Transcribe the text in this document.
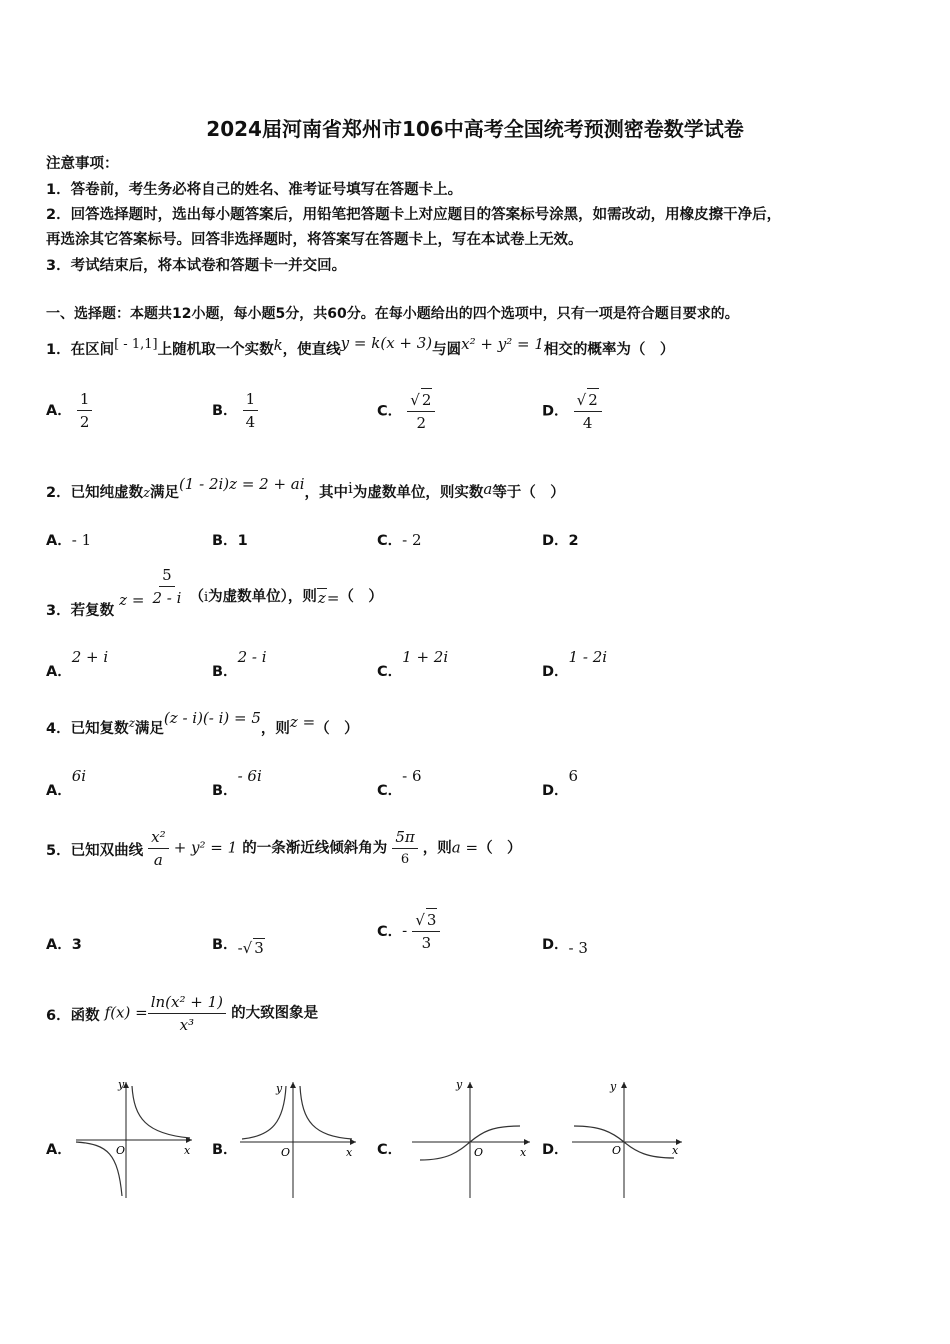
2024届河南省郑州市106中高考全国统考预测密卷数学试卷
注意事项：
1．答卷前，考生务必将自己的姓名、准考证号填写在答题卡上。
2．回答选择题时，选出每小题答案后，用铅笔把答题卡上对应题目的答案标号涂黑，如需改动，用橡皮擦干净后，
再选涂其它答案标号。回答非选择题时，将答案写在答题卡上，写在本试卷上无效。
3．考试结束后，将本试卷和答题卡一并交回。
一、选择题：本题共12小题，每小题5分，共60分。在每小题给出的四个选项中，只有一项是符合题目要求的。
1．在区间[ - 1,1]上随机取一个实数k，使直线y = k(x + 3)与圆x² + y² = 1相交的概率为（　）
A． $\frac{1}{2}$	B． $\frac{1}{4}$	C． $\frac{√ 2}{2}$	D． $\frac{√ 2}{4}$
2．已知纯虚数z满足(1 - 2i)z = 2 + ai，其中i为虚数单位，则实数a等于（　）
A．- 1	B．1	C．- 2	D．2
3．若复数 $z = \frac{5}{2 - i} (i$为虚数单位），则z=（　）
A．2 + i
B．2 - i
C．1 + 2i
D．1 - 2i
4．已知复数$^z$满足(z - i)(- i) = 5，则z =（　）
A．6i
B．- 6i
C．- 6
D．6
5．已知双曲线 $\frac{\text{x²}}{a} + y^2 = 1$ 的一条渐近线倾斜角为 $\frac{5\pi}{6}$ ，则a =（　）
A．3	B．-√ 3
C．- $\frac{√ 3}{3}$	D．- 3
6．函数 $f(x) = \frac{\text{ln(x² + 1)}}{\text{x³}}$ 的大致图象是
A．	B．	C．	D．
y
x
O
y
x
O
y
x
O
y
x
O
